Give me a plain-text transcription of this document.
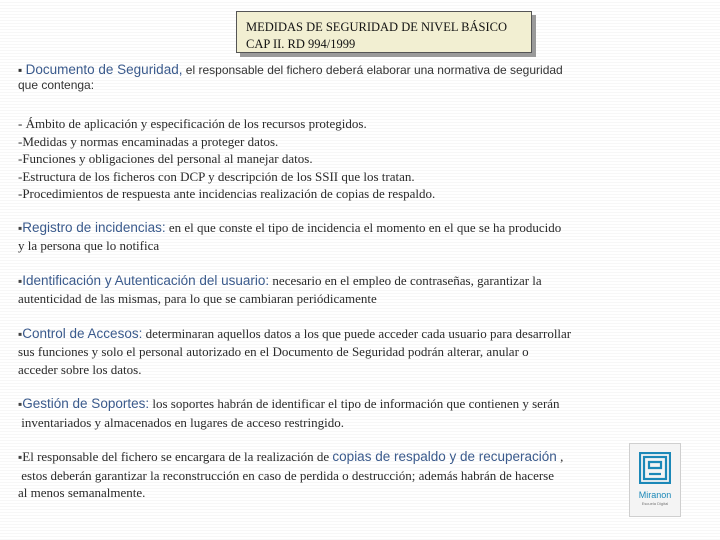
MEDIDAS DE SEGURIDAD DE NIVEL BÁSICO
CAP II. RD 994/1999
▪ Documento de Seguridad, el responsable del fichero deberá elaborar una normativa de seguridad
que contenga:
- Ámbito de aplicación y especificación de los recursos protegidos.
-Medidas y normas encaminadas a proteger datos.
-Funciones y obligaciones del personal al manejar datos.
-Estructura de los ficheros con DCP y descripción de los SSII que los tratan.
-Procedimientos de respuesta ante incidencias realización de copias de respaldo.
▪Registro de incidencias: en el que conste el tipo de incidencia el momento en el que se ha producido
y la persona que lo notifica
▪Identificación y Autenticación del usuario: necesario en el empleo de contraseñas, garantizar la
autenticidad de las mismas, para lo que se cambiaran periódicamente
▪Control de Accesos: determinaran aquellos datos a los que puede acceder cada usuario para desarrollar
sus funciones y solo el personal autorizado en el Documento de Seguridad podrán alterar, anular o
acceder sobre los datos.
▪Gestión de Soportes: los soportes habrán de identificar el tipo de información que contienen y serán
inventariados y almacenados en lugares de acceso restringido.
▪El responsable del fichero se encargara de la realización de copias de respaldo y de recuperación ,
estos deberán garantizar la reconstrucción en caso de perdida o destrucción; además habrán de hacerse
al menos semanalmente.	Miranon
Escuela Digital
